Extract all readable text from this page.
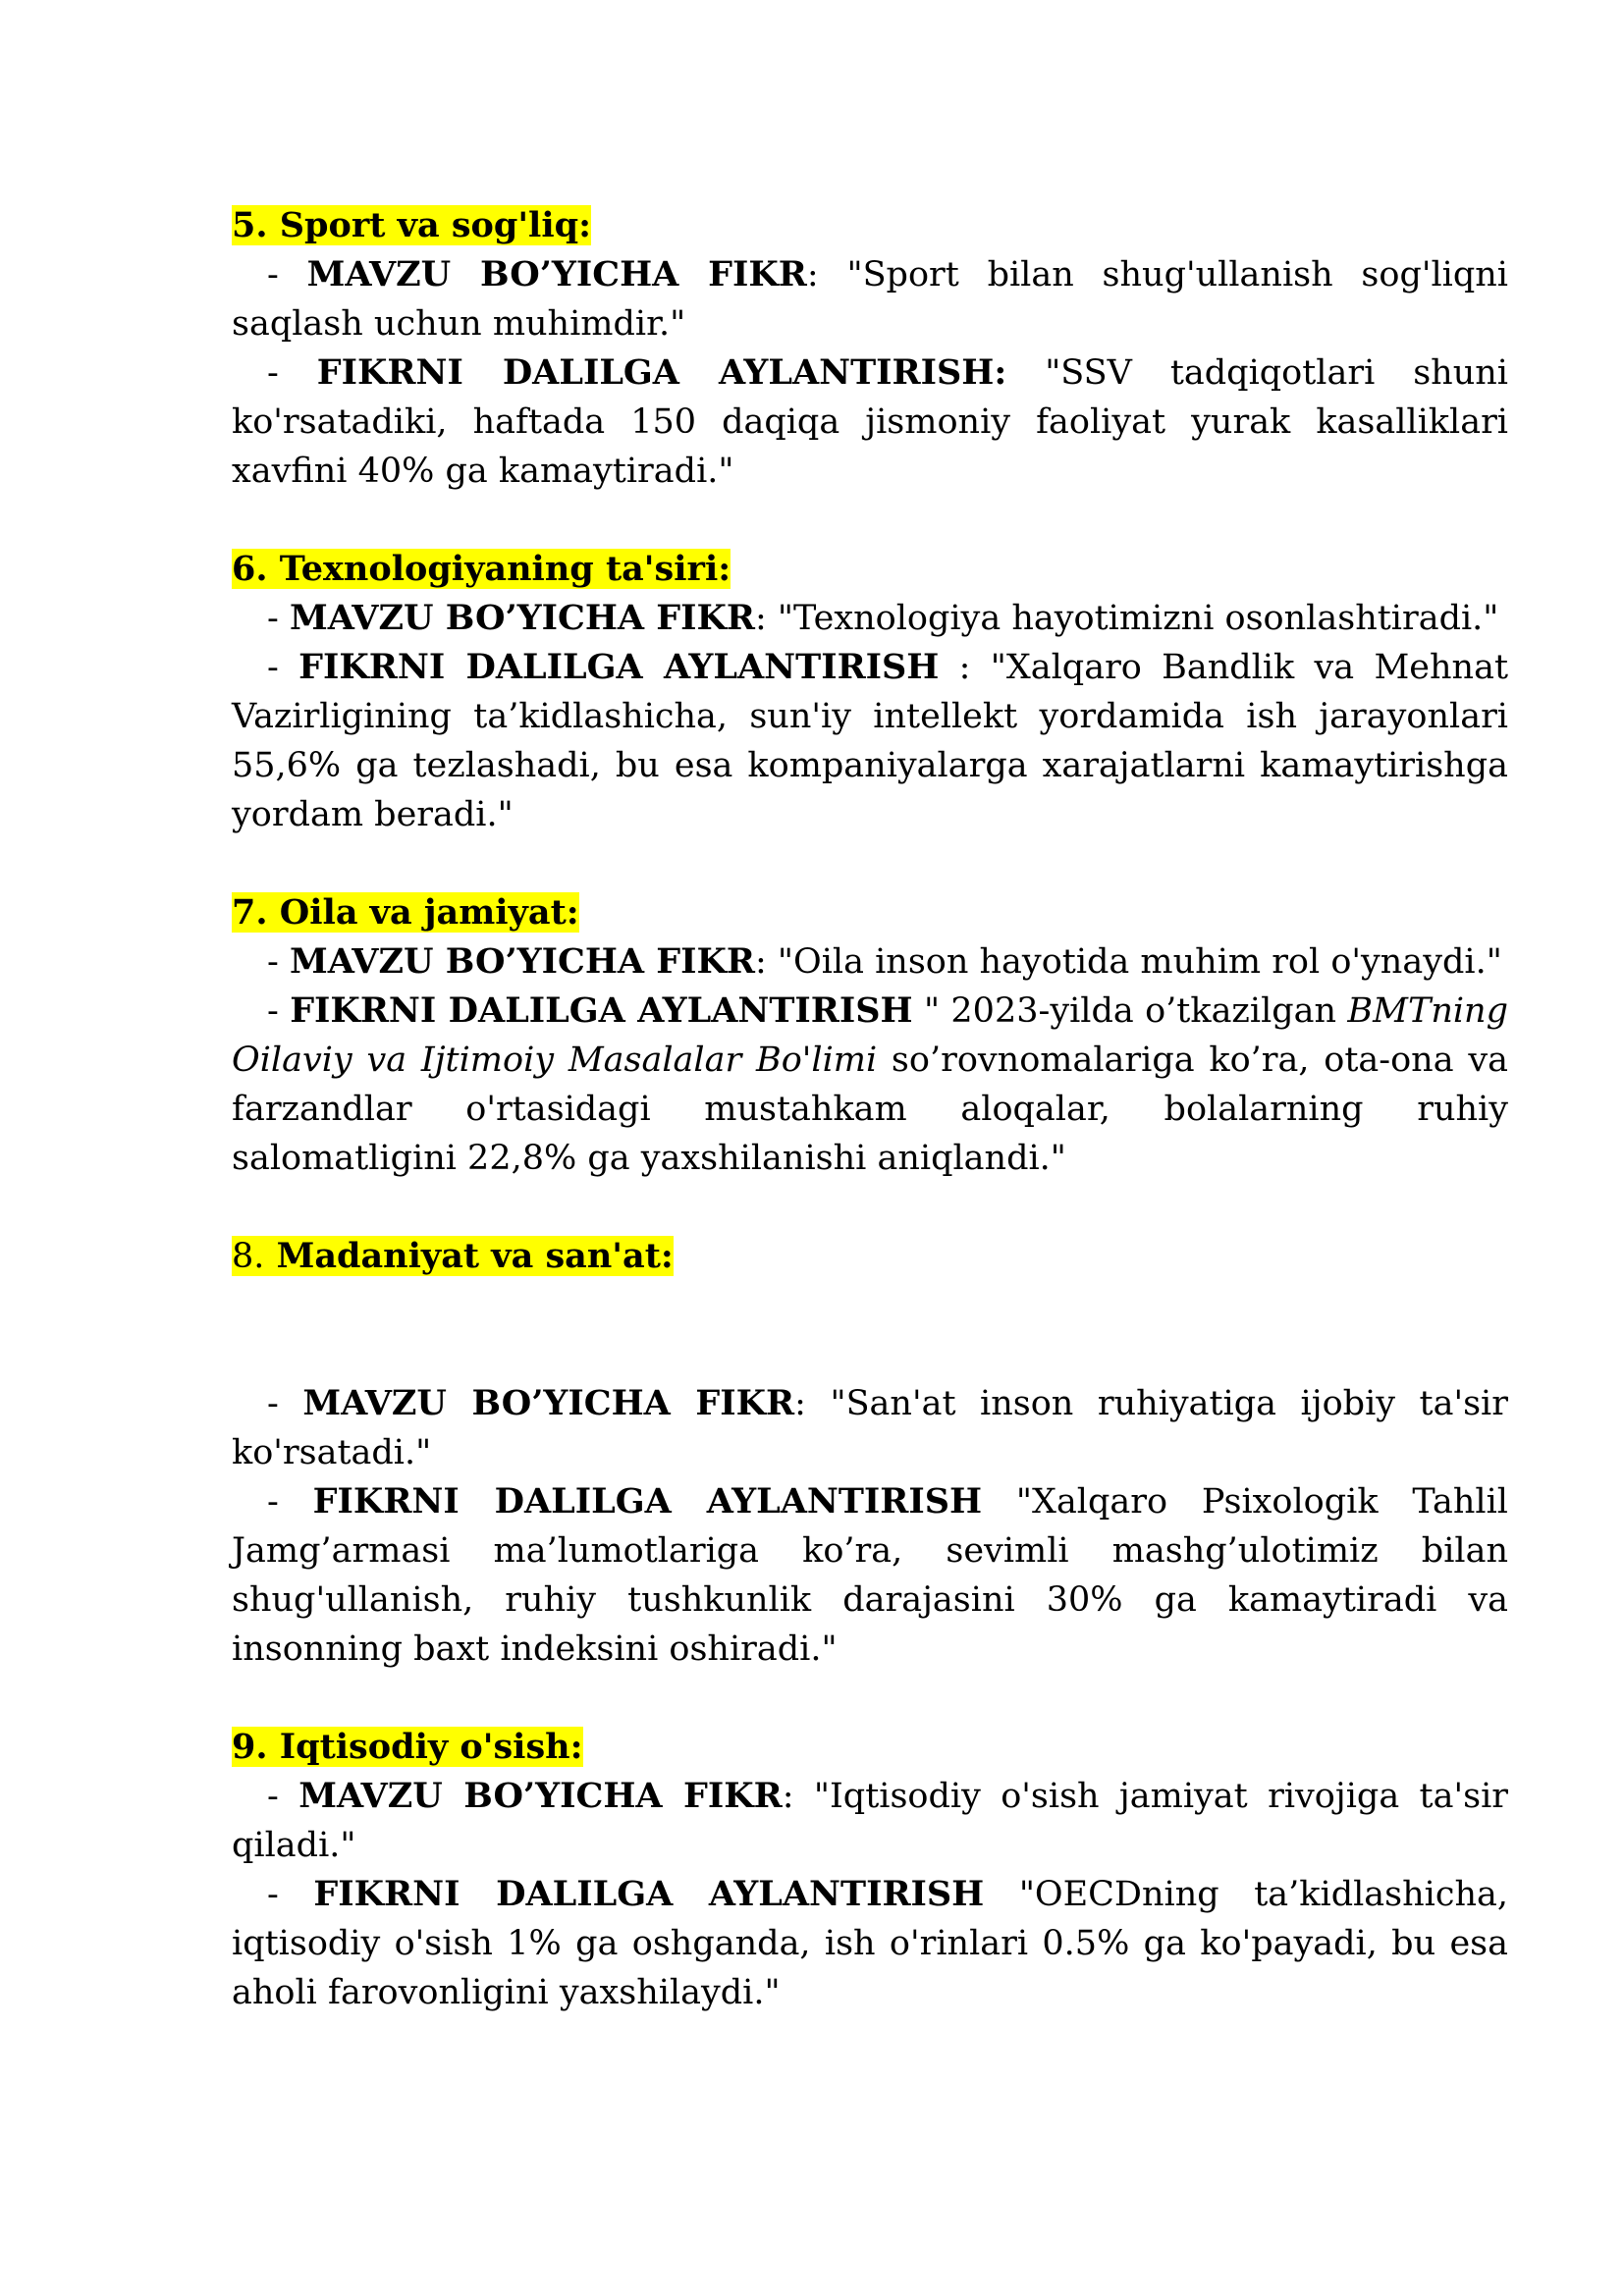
5. Sport va sog'liq:

- MAVZU BO’YICHA FIKR: "Sport bilan shug'ullanish sog'liqni saqlash uchun muhimdir."

- FIKRNI DALILGA AYLANTIRISH: "SSV tadqiqotlari shuni ko'rsatadiki, haftada 150 daqiqa jismoniy faoliyat yurak kasalliklari xavfini 40% ga kamaytiradi."

6. Texnologiyaning ta'siri:

- MAVZU BO’YICHA FIKR: "Texnologiya hayotimizni osonlashtiradi."

- FIKRNI DALILGA AYLANTIRISH : "Xalqaro Bandlik va Mehnat Vazirligining ta’kidlashicha, sun'iy intellekt yordamida ish jarayonlari 55,6% ga tezlashadi, bu esa kompaniyalarga xarajatlarni kamaytirishga yordam beradi."

7. Oila va jamiyat:

- MAVZU BO’YICHA FIKR: "Oila inson hayotida muhim rol o'ynaydi."

- FIKRNI DALILGA AYLANTIRISH " 2023-yilda o’tkazilgan BMTning Oilaviy va Ijtimoiy Masalalar Bo'limi so’rovnomalariga ko’ra, ota-ona va farzandlar o'rtasidagi mustahkam aloqalar, bolalarning ruhiy salomatligini 22,8% ga yaxshilanishi aniqlandi."

8. Madaniyat va san'at:

- MAVZU BO’YICHA FIKR: "San'at inson ruhiyatiga ijobiy ta'sir ko'rsatadi."

- FIKRNI DALILGA AYLANTIRISH "Xalqaro Psixologik Tahlil Jamg’armasi ma’lumotlariga ko’ra, sevimli mashg’ulotimiz bilan shug'ullanish, ruhiy tushkunlik darajasini 30% ga kamaytiradi va insonning baxt indeksini oshiradi."

9. Iqtisodiy o'sish:

- MAVZU BO’YICHA FIKR: "Iqtisodiy o'sish jamiyat rivojiga ta'sir qiladi."

- FIKRNI DALILGA AYLANTIRISH "OECDning ta’kidlashicha, iqtisodiy o'sish 1% ga oshganda, ish o'rinlari 0.5% ga ko'payadi, bu esa aholi farovonligini yaxshilaydi."
